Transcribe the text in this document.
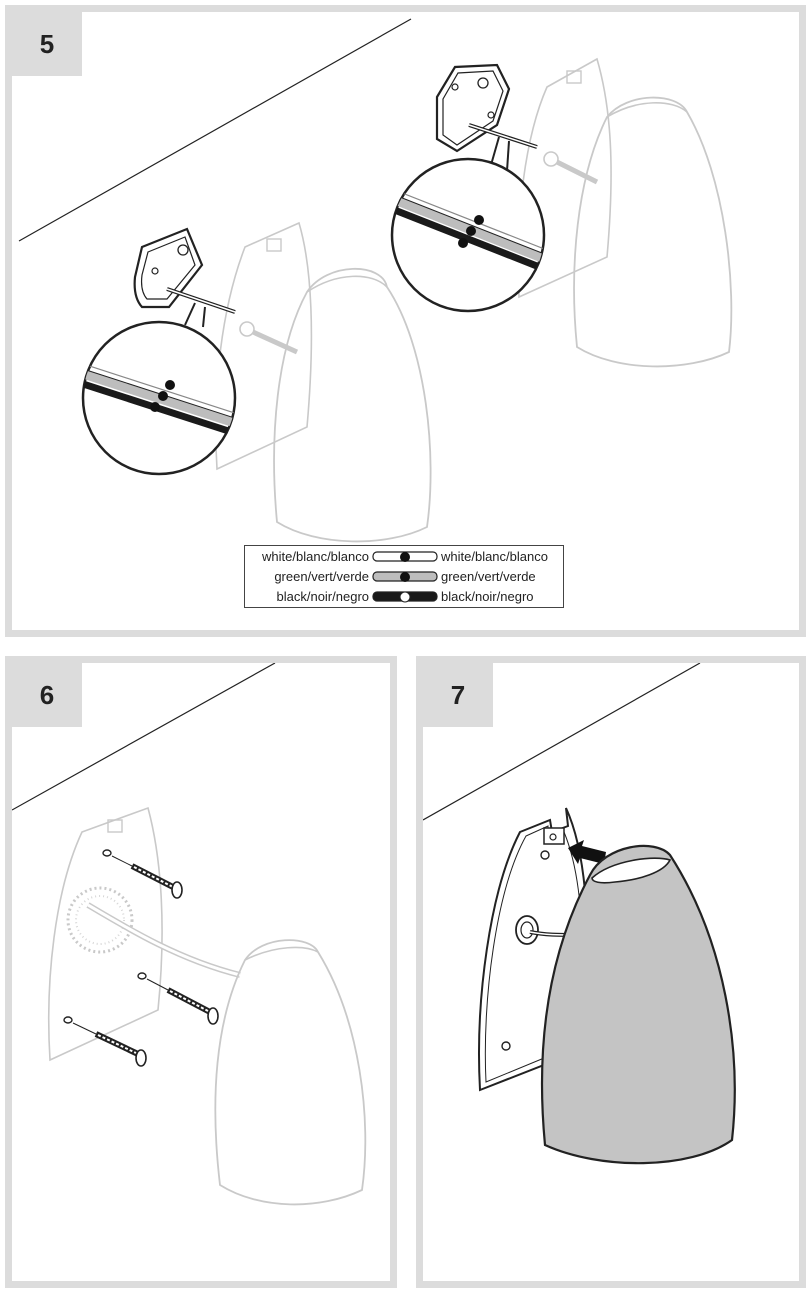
5
white/blanc/blanco	white/blanc/blanco
green/vert/verde	green/vert/verde
black/noir/negro	black/noir/negro
6	7
